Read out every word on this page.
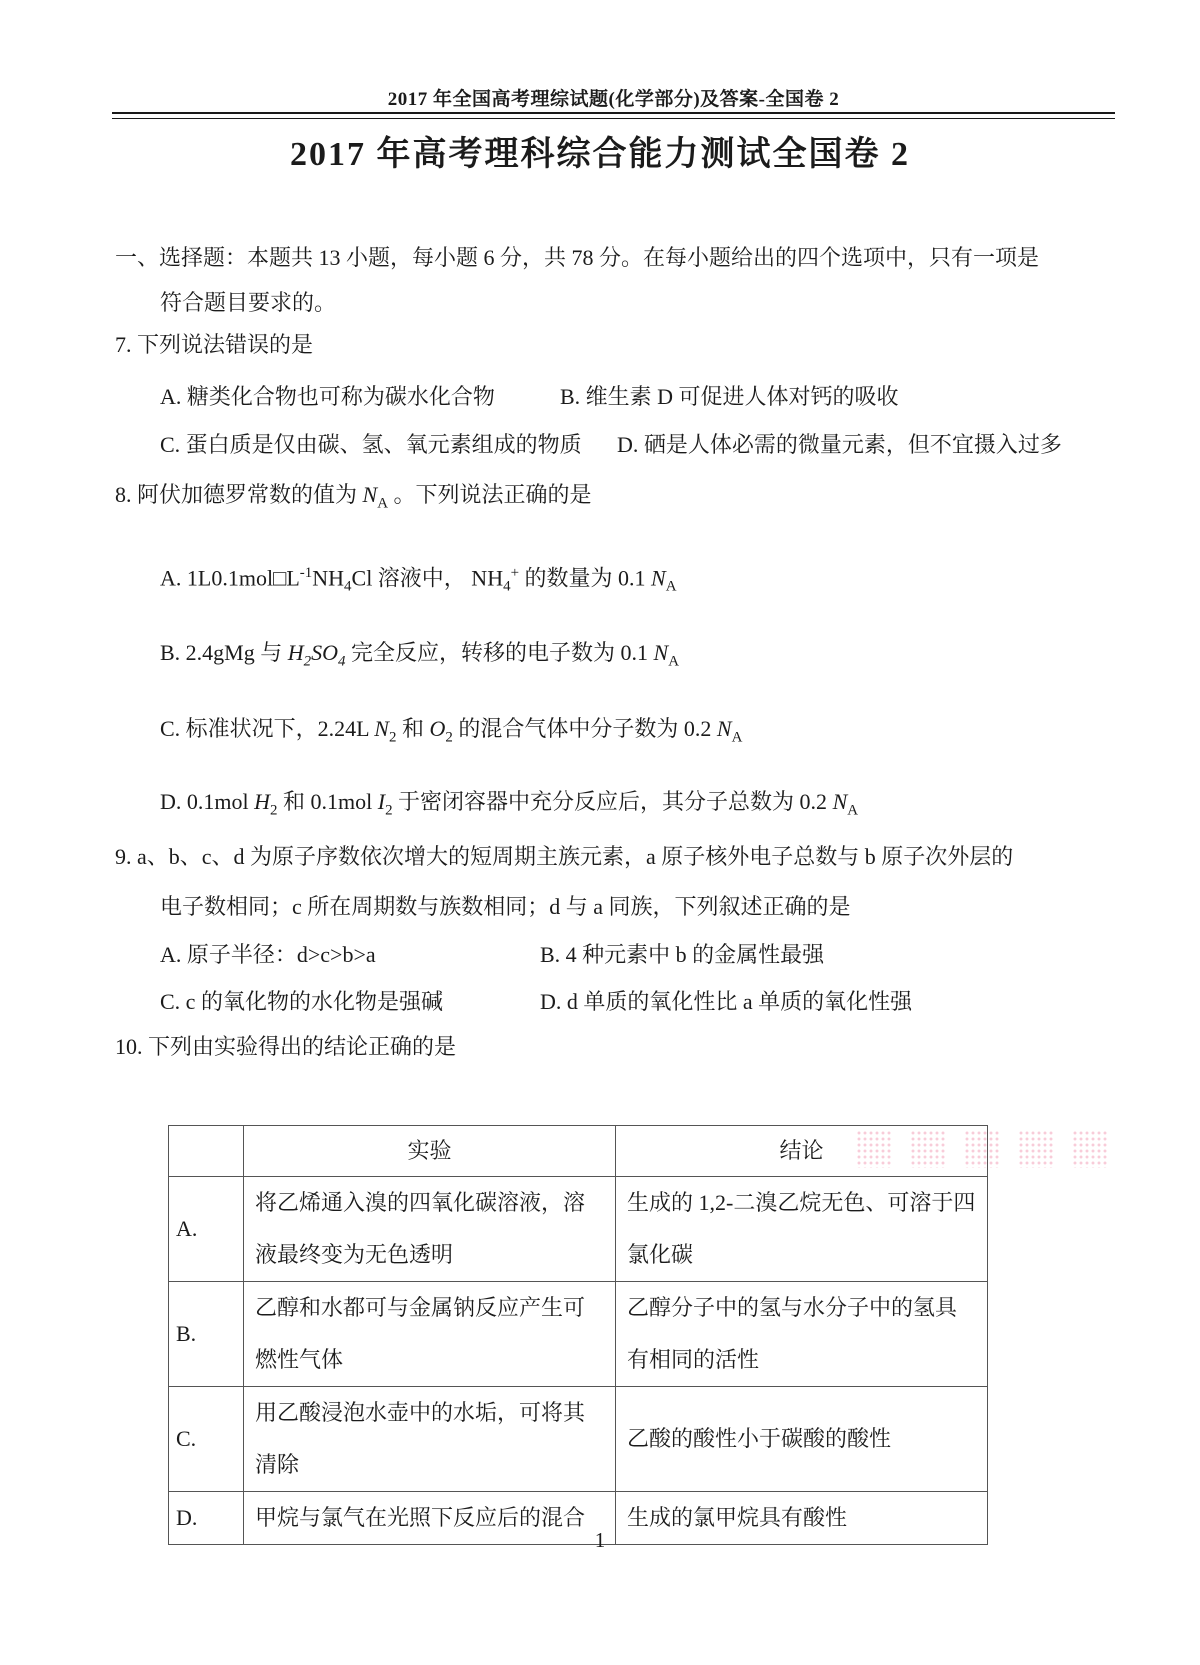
2017 年全国高考理综试题(化学部分)及答案-全国卷 2
2017 年高考理科综合能力测试全国卷 2
一、选择题：本题共 13 小题，每小题 6 分，共 78 分。在每小题给出的四个选项中，只有一项是
符合题目要求的。
7. 下列说法错误的是
A. 糖类化合物也可称为碳水化合物	B. 维生素 D 可促进人体对钙的吸收
C. 蛋白质是仅由碳、氢、氧元素组成的物质	D. 硒是人体必需的微量元素，但不宜摄入过多
8. 阿伏加德罗常数的值为 $N_A$ 。下列说法正确的是
A. $1L0.1mol□L^{-1}NH_4Cl$ 溶液中， $NH_4^+$ 的数量为 0.1 $N_A$
B. 2.4gMg 与 $H_2SO_4$ 完全反应，转移的电子数为 0.1 $N_A$
C. 标准状况下，2.24L $N_2$ 和 $O_2$ 的混合气体中分子数为 0.2 $N_A$
D. 0.1mol $H_2$ 和 0.1mol $I_2$ 于密闭容器中充分反应后，其分子总数为 0.2 $N_A$
9. a、b、c、d 为原子序数依次增大的短周期主族元素，a 原子核外电子总数与 b 原子次外层的
电子数相同；c 所在周期数与族数相同；d 与 a 同族，下列叙述正确的是
A. 原子半径：d>c>b>a	B. 4 种元素中 b 的金属性最强
C. c 的氧化物的水化物是强碱	D. d 单质的氧化性比 a 单质的氧化性强
10. 下列由实验得出的结论正确的是
	实验	结论
A.	将乙烯通入溴的四氧化碳溶液，溶液最终变为无色透明	生成的 1,2-二溴乙烷无色、可溶于四氯化碳
B.	乙醇和水都可与金属钠反应产生可燃性气体	乙醇分子中的氢与水分子中的氢具有相同的活性
C.	用乙酸浸泡水壶中的水垢，可将其清除	乙酸的酸性小于碳酸的酸性
D.	甲烷与氯气在光照下反应后的混合	生成的氯甲烷具有酸性
1
